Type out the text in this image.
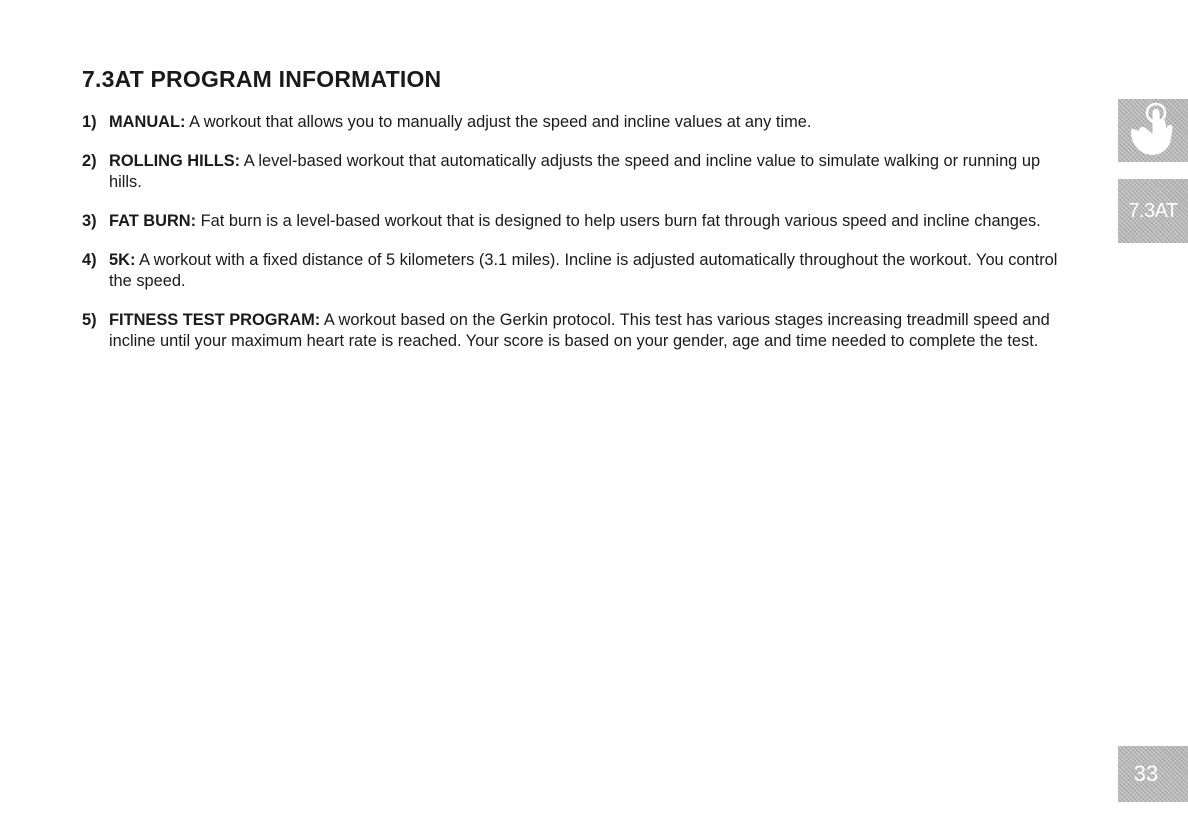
7.3AT PROGRAM INFORMATION
1) MANUAL: A workout that allows you to manually adjust the speed and incline values at any time.
2) ROLLING HILLS: A level-based workout that automatically adjusts the speed and incline value to simulate walking or running up hills.
3) FAT BURN: Fat burn is a level-based workout that is designed to help users burn fat through various speed and incline changes.
4) 5K: A workout with a fixed distance of 5 kilometers (3.1 miles). Incline is adjusted automatically throughout the workout. You control the speed.
5) FITNESS TEST PROGRAM: A workout based on the Gerkin protocol. This test has various stages increasing treadmill speed and incline until your maximum heart rate is reached. Your score is based on your gender, age and time needed to complete the test.
7.3AT
33
